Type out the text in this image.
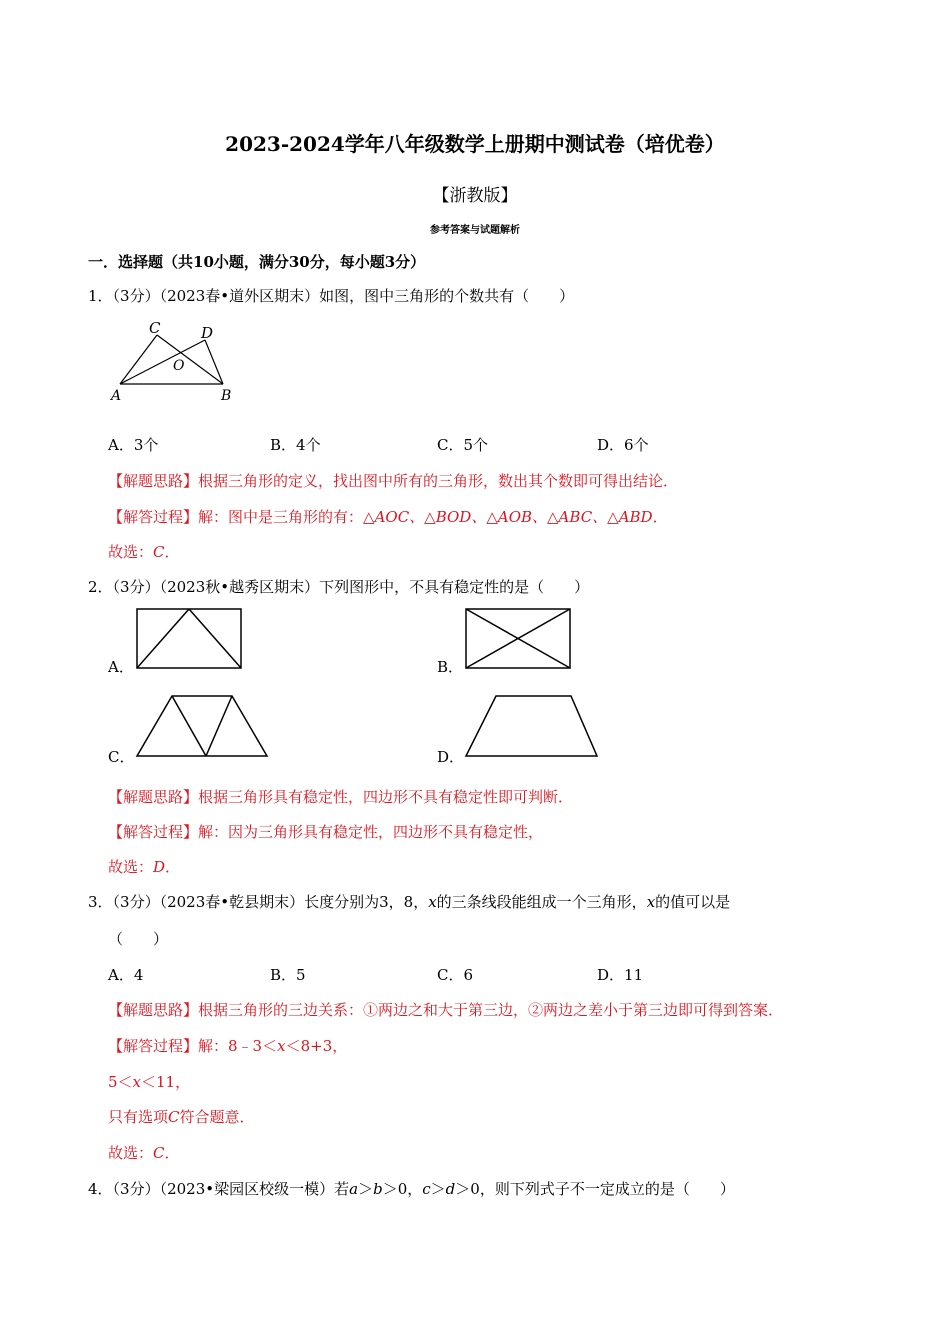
2023-2024学年八年级数学上册期中测试卷（培优卷）
【浙教版】
参考答案与试题解析
一．选择题（共10小题，满分30分，每小题3分）
1．（3分）（2023春•道外区期末）如图，图中三角形的个数共有（　　）
C	D
O
A	B
A．3个	B．4个	C．5个	D．6个
【解题思路】根据三角形的定义，找出图中所有的三角形，数出其个数即可得出结论．
【解答过程】解：图中是三角形的有：△AOC、△BOD、△AOB、△ABC、△ABD．
故选：C．
2．（3分）（2023秋•越秀区期末）下列图形中，不具有稳定性的是（　　）
A．	B．
C．	D．
【解题思路】根据三角形具有稳定性，四边形不具有稳定性即可判断．
【解答过程】解：因为三角形具有稳定性，四边形不具有稳定性，
故选：D．
3．（3分）（2023春•乾县期末）长度分别为3，8，x的三条线段能组成一个三角形，x的值可以是
（　　）
A．4	B．5	C．6	D．11
【解题思路】根据三角形的三边关系：①两边之和大于第三边，②两边之差小于第三边即可得到答案．
【解答过程】解：8﹣3＜x＜8+3，
5＜x＜11，
只有选项C符合题意．
故选：C．
4．（3分）（2023•梁园区校级一模）若a＞b＞0，c＞d＞0，则下列式子不一定成立的是（　　）
